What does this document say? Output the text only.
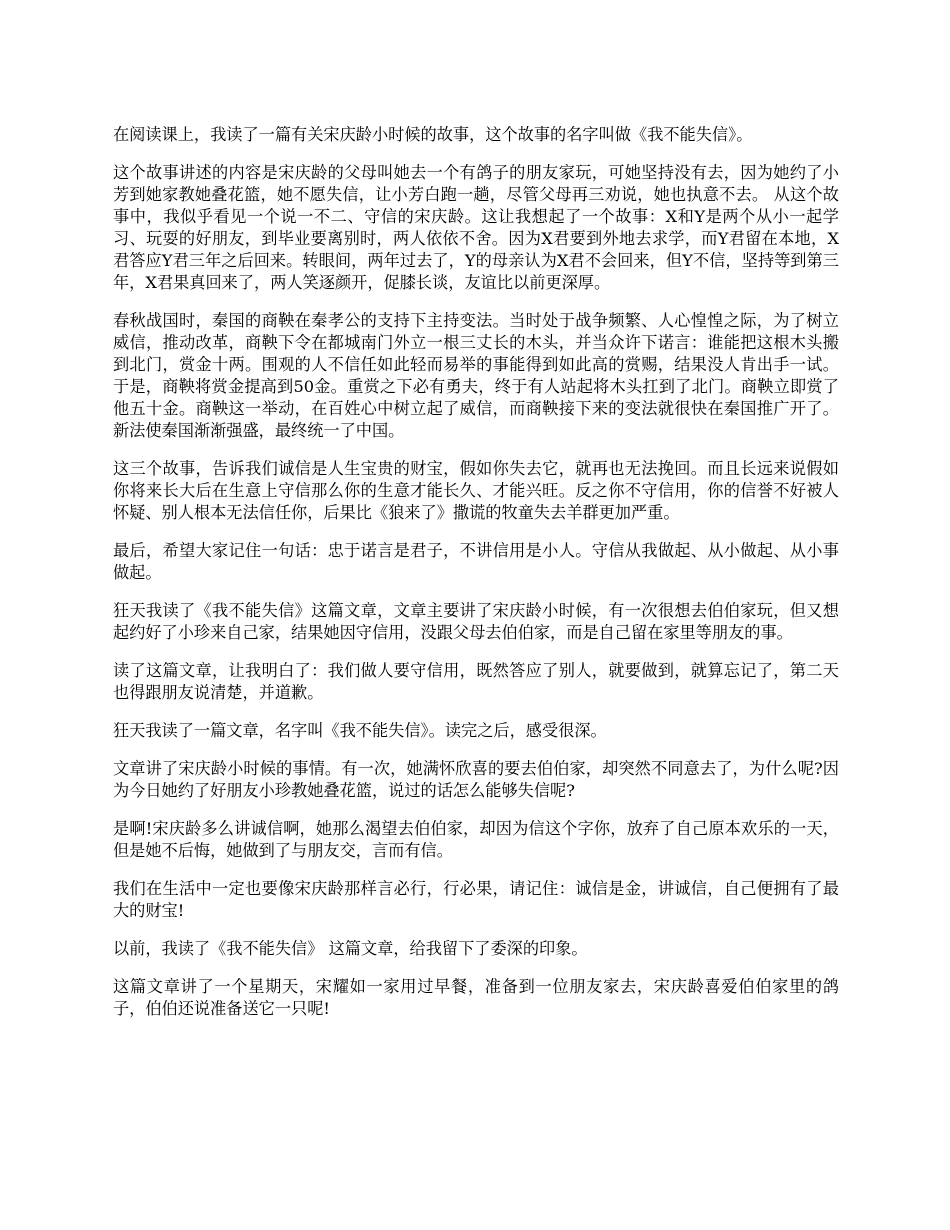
在阅读课上，我读了一篇有关宋庆龄小时候的故事，这个故事的名字叫做《我不能失信》。

这个故事讲述的内容是宋庆龄的父母叫她去一个有鸽子的朋友家玩，可她坚持没有去，因为她约了小芳到她家教她叠花篮，她不愿失信，让小芳白跑一趟，尽管父母再三劝说，她也执意不去。 从这个故事中，我似乎看见一个说一不二、守信的宋庆龄。这让我想起了一个故事：X和Y是两个从小一起学习、玩耍的好朋友，到毕业要离别时，两人依依不舍。因为X君要到外地去求学，而Y君留在本地，X君答应Y君三年之后回来。转眼间，两年过去了，Y的母亲认为X君不会回来，但Y不信，坚持等到第三年，X君果真回来了，两人笑逐颜开，促膝长谈，友谊比以前更深厚。

春秋战国时，秦国的商鞅在秦孝公的支持下主持变法。当时处于战争频繁、人心惶惶之际，为了树立威信，推动改革，商鞅下令在都城南门外立一根三丈长的木头，并当众许下诺言：谁能把这根木头搬到北门，赏金十两。围观的人不信任如此轻而易举的事能得到如此高的赏赐，结果没人肯出手一试。于是，商鞅将赏金提高到50金。重赏之下必有勇夫，终于有人站起将木头扛到了北门。商鞅立即赏了他五十金。商鞅这一举动，在百姓心中树立起了威信，而商鞅接下来的变法就很快在秦国推广开了。新法使秦国渐渐强盛，最终统一了中国。

这三个故事，告诉我们诚信是人生宝贵的财宝，假如你失去它，就再也无法挽回。而且长远来说假如你将来长大后在生意上守信那么你的生意才能长久、才能兴旺。反之你不守信用，你的信誉不好被人怀疑、别人根本无法信任你，后果比《狼来了》撒谎的牧童失去羊群更加严重。

最后，希望大家记住一句话：忠于诺言是君子，不讲信用是小人。守信从我做起、从小做起、从小事做起。

狂天我读了《我不能失信》这篇文章，文章主要讲了宋庆龄小时候，有一次很想去伯伯家玩，但又想起约好了小珍来自己家，结果她因守信用，没跟父母去伯伯家，而是自己留在家里等朋友的事。

读了这篇文章，让我明白了：我们做人要守信用，既然答应了别人，就要做到，就算忘记了，第二天也得跟朋友说清楚，并道歉。

狂天我读了一篇文章，名字叫《我不能失信》。读完之后，感受很深。

文章讲了宋庆龄小时候的事情。有一次，她满怀欣喜的要去伯伯家，却突然不同意去了，为什么呢?因为今日她约了好朋友小珍教她叠花篮，说过的话怎么能够失信呢?

是啊!宋庆龄多么讲诚信啊，她那么渴望去伯伯家，却因为信这个字你，放弃了自己原本欢乐的一天，但是她不后悔，她做到了与朋友交，言而有信。

我们在生活中一定也要像宋庆龄那样言必行，行必果，请记住：诚信是金，讲诚信，自己便拥有了最大的财宝!

以前，我读了《我不能失信》 这篇文章，给我留下了委深的印象。

这篇文章讲了一个星期天，宋耀如一家用过早餐，准备到一位朋友家去，宋庆龄喜爱伯伯家里的鸽子，伯伯还说准备送它一只呢!
